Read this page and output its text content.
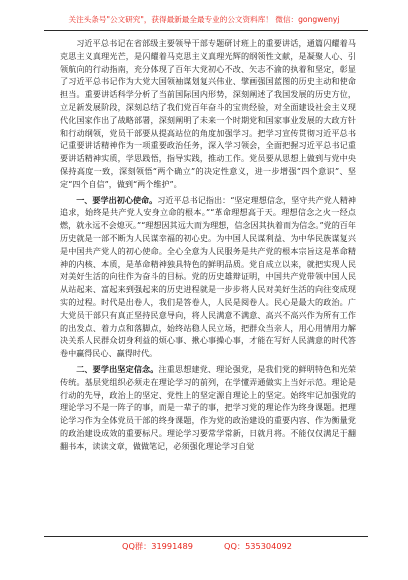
关注头条号"公文研究"，获得最新最全最专业的公文资料库！ 微信：gongwenyj

习近平总书记在省部级主要领导干部专题研讨班上的重要讲话，通篇闪耀着马克思主义真理光芒，是闪耀着马克思主义真理光辉的纲领性文献，是凝聚人心、引领航向的行动指南，充分体现了百年大党初心不改、矢志不渝的执着和坚定，彰显了习近平总书记作为大党大国领袖谋划复兴伟业、擘画强国蓝图的历史主动和使命担当。重要讲话科学分析了当前国际国内形势，深刻阐述了我国发展的历史方位，立足新发展阶段，深刻总结了我们党百年奋斗的宝贵经验，对全面建设社会主义现代化国家作出了战略部署，深刻阐明了未来一个时期党和国家事业发展的大政方针和行动纲领，党员干部要从提高站位的角度加强学习。把学习宣传贯彻习近平总书记重要讲话精神作为一项重要政治任务，深入学习领会，全面把握习近平总书记重要讲话精神实质，学思践悟，指导实践，推动工作。党员要从思想上做到与党中央保持高度一致，深刻领悟“两个确立”的决定性意义，进一步增强“四个意识”、坚定“四个自信”，做到“两个维护”。

一、要学出初心使命。习近平总书记指出：“坚定理想信念，坚守共产党人精神追求，始终是共产党人安身立命的根本。”“革命理想高于天。理想信念之火一经点燃，就永远不会熄灭。”“理想因其远大而为理想，信念因其执着而为信念。”党的百年历史就是一部不断为人民谋幸福的初心史。为中国人民谋利益、为中华民族谋复兴是中国共产党人的初心使命。全心全意为人民服务是共产党的根本宗旨这是革命精神的内核、本质，是革命精神独具特色的鲜明品质。党自成立以来，就把实现人民对美好生活的向往作为奋斗的目标。党的历史雄辩证明，中国共产党带领中国人民从站起来、富起来到强起来的历史进程就是一步步将人民对美好生活的向往变成现实的过程。时代是出卷人，我们是答卷人，人民是阅卷人。民心是最大的政治。广大党员干部只有真正坚持民意导向，将人民满意不满意、高兴不高兴作为所有工作的出发点、着力点和落脚点，始终站稳人民立场，把群众当亲人，用心用情用力解决关系人民群众切身利益的烦心事、揪心事操心事，才能在写好人民满意的时代答卷中赢得民心、赢得时代。

二、要学出坚定信念。注重思想建党、理论强党，是我们党的鲜明特色和光荣传统。基层党组织必须走在理论学习的前列，在学懂弄通做实上当好示范。理论是行动的先导，政治上的坚定、党性上的坚定源自理论上的坚定。始终牢记加强党的理论学习不是一阵子的事，而是一辈子的事，把学习党的理论作为终身课题。把理论学习作为全体党员干部的终身课题，作为党的政治建设的重要内容、作为衡量党的政治建设成效的重要标尺。理论学习要常学常新，日就月将。不能仅仅满足于翻翻书本，读读文章，做做笔记，必须强化理论学习自觉

QQ群：31991489	QQ：535304092
